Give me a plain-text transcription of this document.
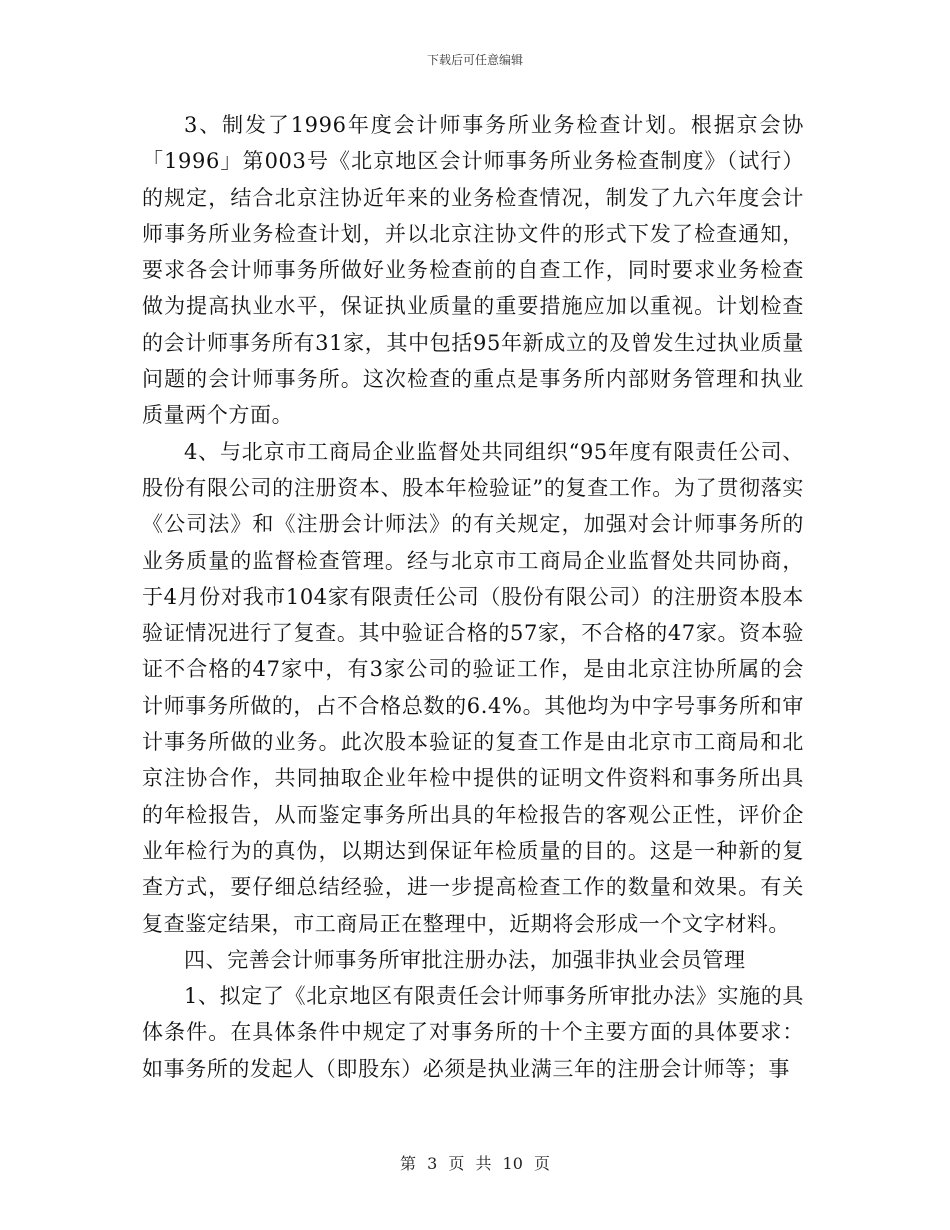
下载后可任意编辑

3、制发了1996年度会计师事务所业务检查计划。根据京会协「1996」第003号《北京地区会计师事务所业务检查制度》（试行）的规定，结合北京注协近年来的业务检查情况，制发了九六年度会计师事务所业务检查计划，并以北京注协文件的形式下发了检查通知，要求各会计师事务所做好业务检查前的自查工作，同时要求业务检查做为提高执业水平，保证执业质量的重要措施应加以重视。计划检查的会计师事务所有31家，其中包括95年新成立的及曾发生过执业质量问题的会计师事务所。这次检查的重点是事务所内部财务管理和执业质量两个方面。

4、与北京市工商局企业监督处共同组织“95年度有限责任公司、股份有限公司的注册资本、股本年检验证”的复查工作。为了贯彻落实《公司法》和《注册会计师法》的有关规定，加强对会计师事务所的业务质量的监督检查管理。经与北京市工商局企业监督处共同协商，于4月份对我市104家有限责任公司（股份有限公司）的注册资本股本验证情况进行了复查。其中验证合格的57家，不合格的47家。资本验证不合格的47家中，有3家公司的验证工作，是由北京注协所属的会计师事务所做的，占不合格总数的6.4%。其他均为中字号事务所和审计事务所做的业务。此次股本验证的复查工作是由北京市工商局和北京注协合作，共同抽取企业年检中提供的证明文件资料和事务所出具的年检报告，从而鉴定事务所出具的年检报告的客观公正性，评价企业年检行为的真伪，以期达到保证年检质量的目的。这是一种新的复查方式，要仔细总结经验，进一步提高检查工作的数量和效果。有关复查鉴定结果，市工商局正在整理中，近期将会形成一个文字材料。

四、完善会计师事务所审批注册办法，加强非执业会员管理

1、拟定了《北京地区有限责任会计师事务所审批办法》实施的具体条件。在具体条件中规定了对事务所的十个主要方面的具体要求：如事务所的发起人（即股东）必须是执业满三年的注册会计师等；事

第 3 页 共 10 页
